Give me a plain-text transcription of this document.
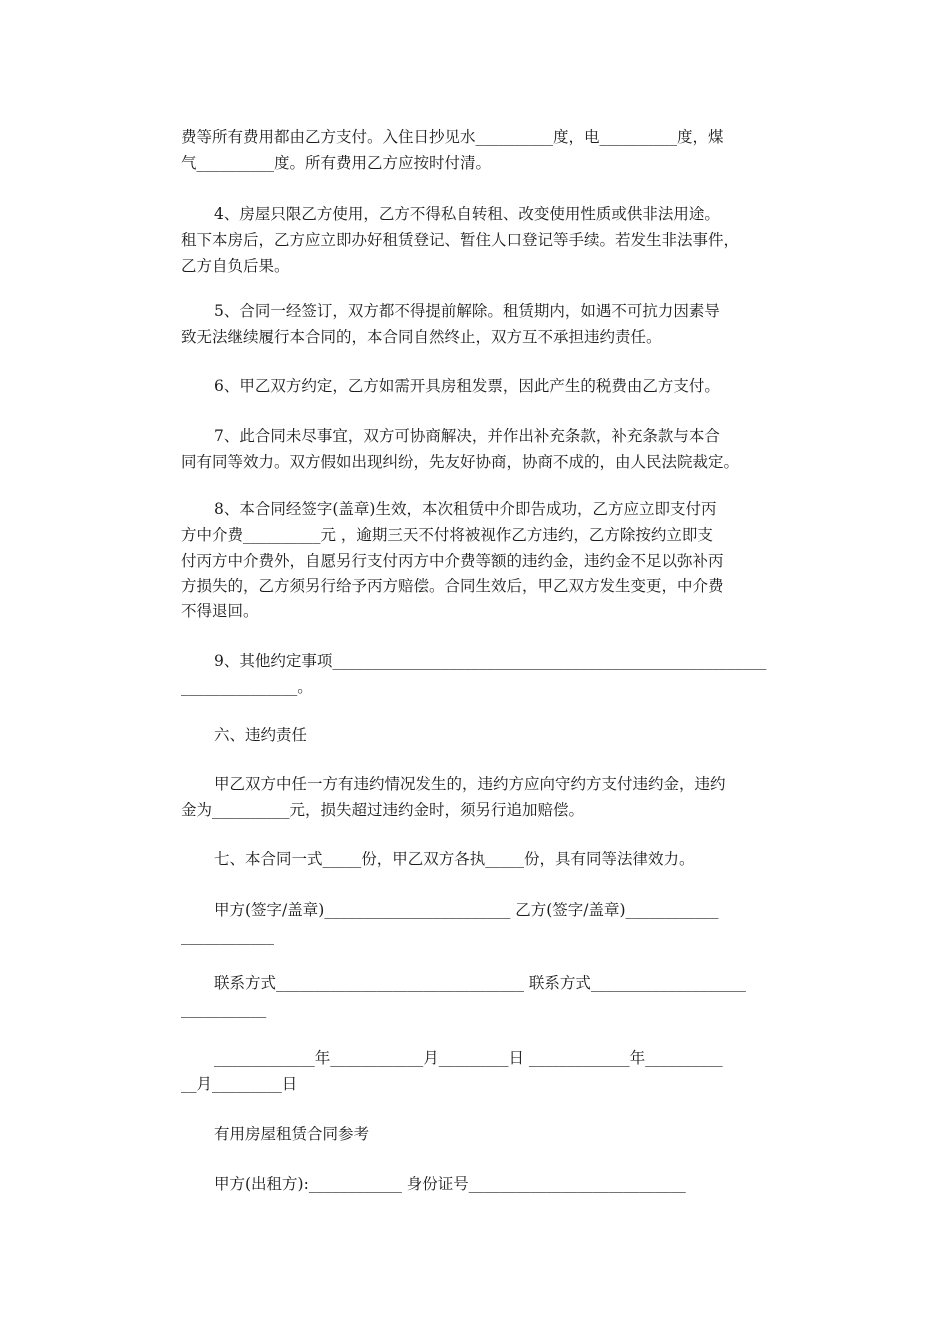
费等所有费用都由乙方支付。入住日抄见水__________度，电__________度，煤
气__________度。所有费用乙方应按时付清。
4、房屋只限乙方使用，乙方不得私自转租、改变使用性质或供非法用途。
租下本房后，乙方应立即办好租赁登记、暂住人口登记等手续。若发生非法事件，
乙方自负后果。
5、合同一经签订，双方都不得提前解除。租赁期内，如遇不可抗力因素导
致无法继续履行本合同的，本合同自然终止，双方互不承担违约责任。
6、甲乙双方约定，乙方如需开具房租发票，因此产生的税费由乙方支付。
7、此合同未尽事宜，双方可协商解决，并作出补充条款，补充条款与本合
同有同等效力。双方假如出现纠纷，先友好协商，协商不成的，由人民法院裁定。
8、本合同经签字(盖章)生效，本次租赁中介即告成功，乙方应立即支付丙
方中介费__________元 ，逾期三天不付将被视作乙方违约，乙方除按约立即支
付丙方中介费外，自愿另行支付丙方中介费等额的违约金，违约金不足以弥补丙
方损失的，乙方须另行给予丙方赔偿。合同生效后，甲乙双方发生变更，中介费
不得退回。
9、其他约定事项________________________________________________________
_______________。
六、违约责任
甲乙双方中任一方有违约情况发生的，违约方应向守约方支付违约金，违约
金为__________元，损失超过违约金时，须另行追加赔偿。
七、本合同一式_____份，甲乙双方各执_____份，具有同等法律效力。
甲方(签字/盖章)________________________ 乙方(签字/盖章)____________
____________
联系方式________________________________ 联系方式____________________
___________
_____________年____________月_________日 _____________年__________
__月_________日
有用房屋租赁合同参考
甲方(出租方):____________ 身份证号____________________________
